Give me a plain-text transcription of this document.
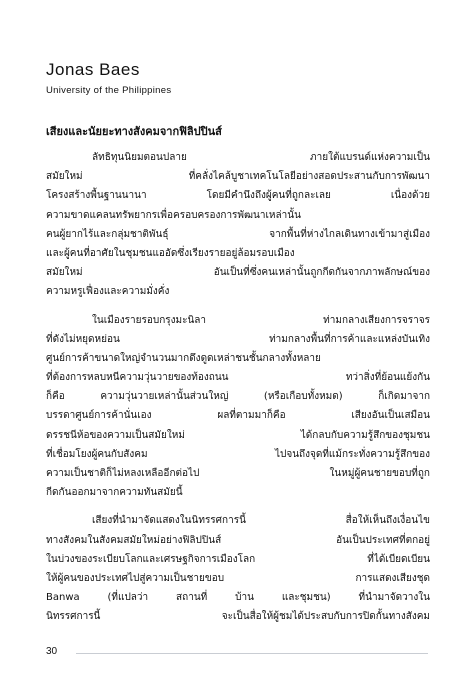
Jonas Baes
University of the Philippines
เสียงและนัยยะทางสังคมจากฟิลิปปินส์
ลัทธิทุนนิยมตอนปลาย ภายใต้แบรนด์แห่งความเป็น
สมัยใหม่ ที่คลั่งไคล้บูชาเทคโนโลยีอย่างสอดประสานกับการพัฒนา
โครงสร้างพื้นฐานนานา โดยมีคำนึงถึงผู้คนที่ถูกละเลย เนื่องด้วย
ความขาดแคลนทรัพยากรเพื่อครอบครองการพัฒนาเหล่านั้น
คนผู้ยากไร้และกลุ่มชาติพันธุ์ จากพื้นที่ห่างไกลเดินทางเข้ามาสู่เมือง
และผู้คนที่อาศัยในชุมชนแออัดซึ่งเรียงรายอยู่ล้อมรอบเมือง
สมัยใหม่ อันเป็นที่ซึ่งคนเหล่านั้นถูกกีดกันจากภาพลักษณ์ของ
ความหรูเฟื่องและความมั่งคั่ง
ในเมืองรายรอบกรุงมะนิลา ท่ามกลางเสียงการจราจร
ที่ดังไม่หยุดหย่อน ท่ามกลางพื้นที่การค้าและแหล่งบันเทิง
ศูนย์การค้าขนาดใหญ่จำนวนมากดึงดูดเหล่าชนชั้นกลางทั้งหลาย
ที่ต้องการหลบหนีความวุ่นวายของท้องถนน ทว่าสิ่งที่ย้อนแย้งกัน
ก็คือ ความวุ่นวายเหล่านั้นส่วนใหญ่ (หรือเกือบทั้งหมด) ก็เกิดมาจาก
บรรดาศูนย์การค้านั่นเอง ผลที่ตามมาก็คือ เสียงอันเป็นเสมือน
ดรรชนีห้อของความเป็นสมัยใหม่ ได้กลบกับความรู้สึกของชุมชน
ที่เชื่อมโยงผู้คนกับสังคม ไปจนถึงจุดที่แม้กระทั่งความรู้สึกของ
ความเป็นชาติก็ไม่หลงเหลืออีกต่อไป ในหมู่ผู้คนชายขอบที่ถูก
กีดกันออกมาจากความทันสมัยนี้
เสียงที่นำมาจัดแสดงในนิทรรศการนี้ สื่อให้เห็นถึงเงื่อนไข
ทางสังคมในสังคมสมัยใหม่อย่างฟิลิปปินส์ อันเป็นประเทศที่ตกอยู่
ในบ่วงของระเบียบโลกและเศรษฐกิจการเมืองโลก ที่ได้เบียดเบียน
ให้ผู้คนของประเทศไปสู่ความเป็นชายขอบ การแสดงเสียงชุด
Banwa (ที่แปลว่า สถานที่ บ้าน และชุมชน) ที่นำมาจัดวางใน
นิทรรศการนี้ จะเป็นสื่อให้ผู้ชมได้ประสบกับการปิดกั้นทางสังคม
30
